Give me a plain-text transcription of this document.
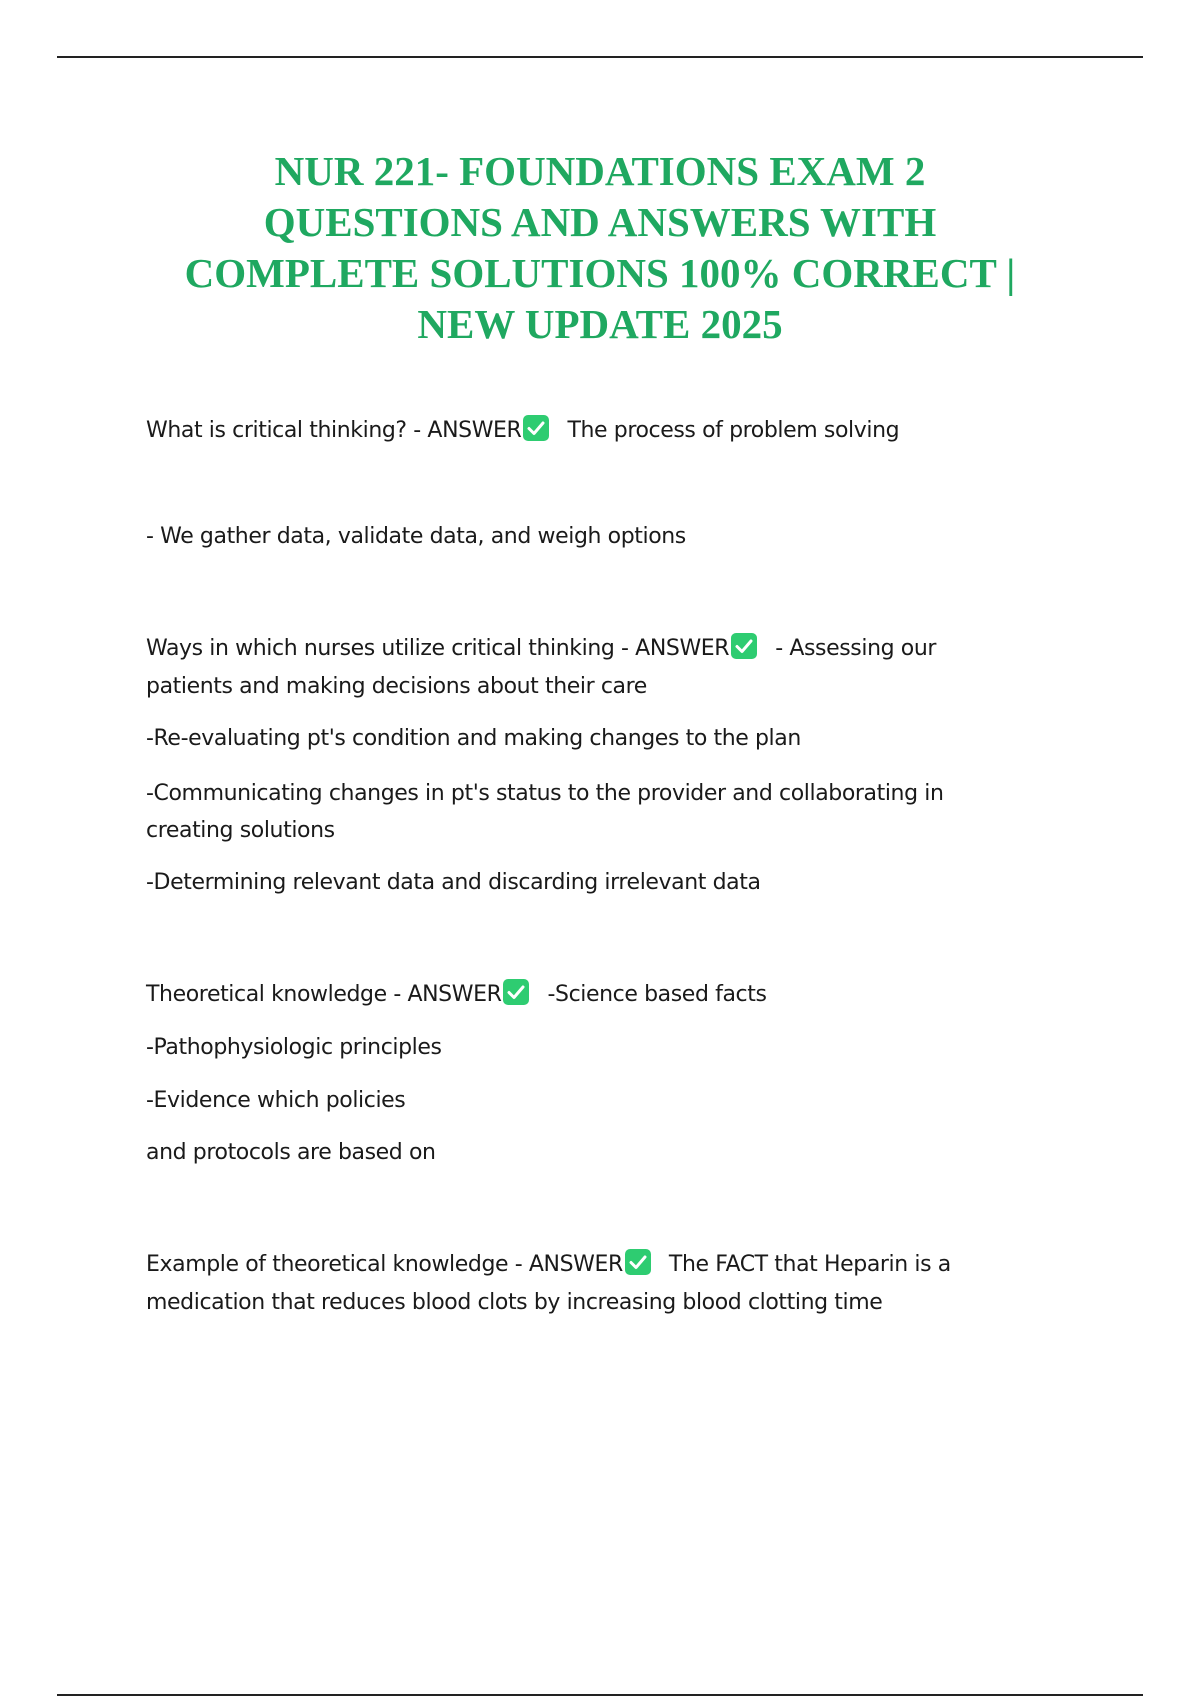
NUR 221- FOUNDATIONS EXAM 2
QUESTIONS AND ANSWERS WITH
COMPLETE SOLUTIONS 100% CORRECT |
NEW UPDATE 2025
What is critical thinking? - ANSWER The process of problem solving
- We gather data, validate data, and weigh options
Ways in which nurses utilize critical thinking - ANSWER - Assessing our
patients and making decisions about their care
-Re-evaluating pt's condition and making changes to the plan
-Communicating changes in pt's status to the provider and collaborating in
creating solutions
-Determining relevant data and discarding irrelevant data
Theoretical knowledge - ANSWER -Science based facts
-Pathophysiologic principles
-Evidence which policies
and protocols are based on
Example of theoretical knowledge - ANSWER The FACT that Heparin is a
medication that reduces blood clots by increasing blood clotting time
